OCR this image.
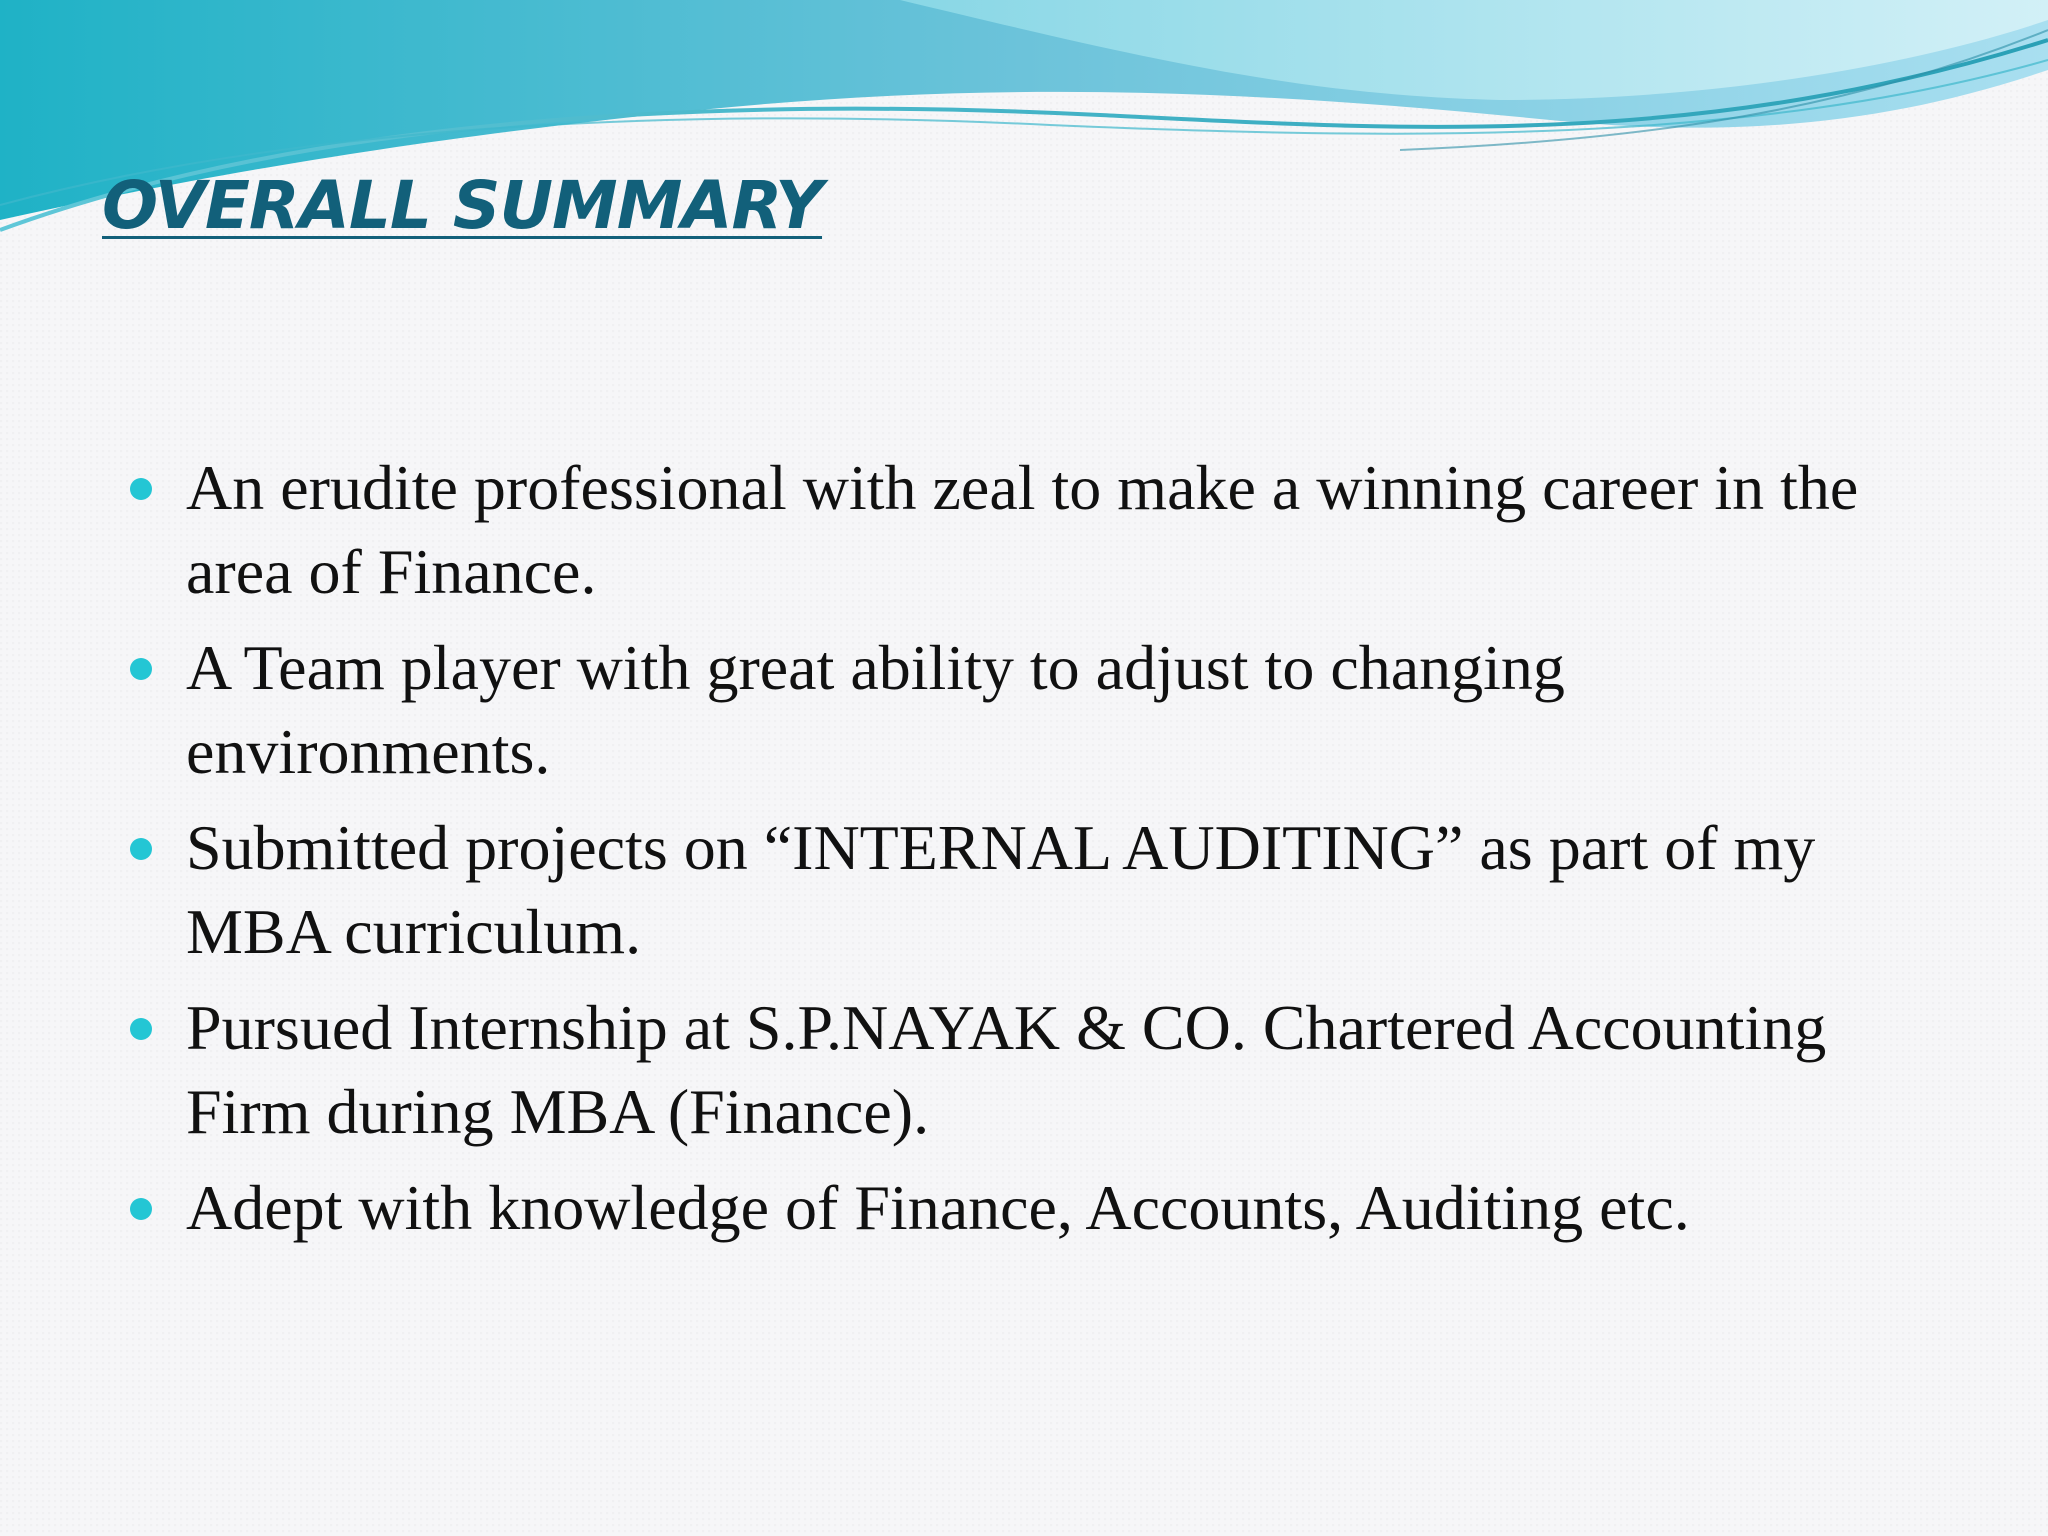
OVERALL SUMMARY
An erudite professional with zeal to make a winning career in the area of Finance.
A Team player with great ability to adjust to changing environments.
Submitted projects on “INTERNAL AUDITING” as part of my MBA curriculum.
Pursued Internship at S.P.NAYAK & CO. Chartered Accounting Firm during MBA (Finance).
Adept with knowledge of Finance, Accounts, Auditing etc.
